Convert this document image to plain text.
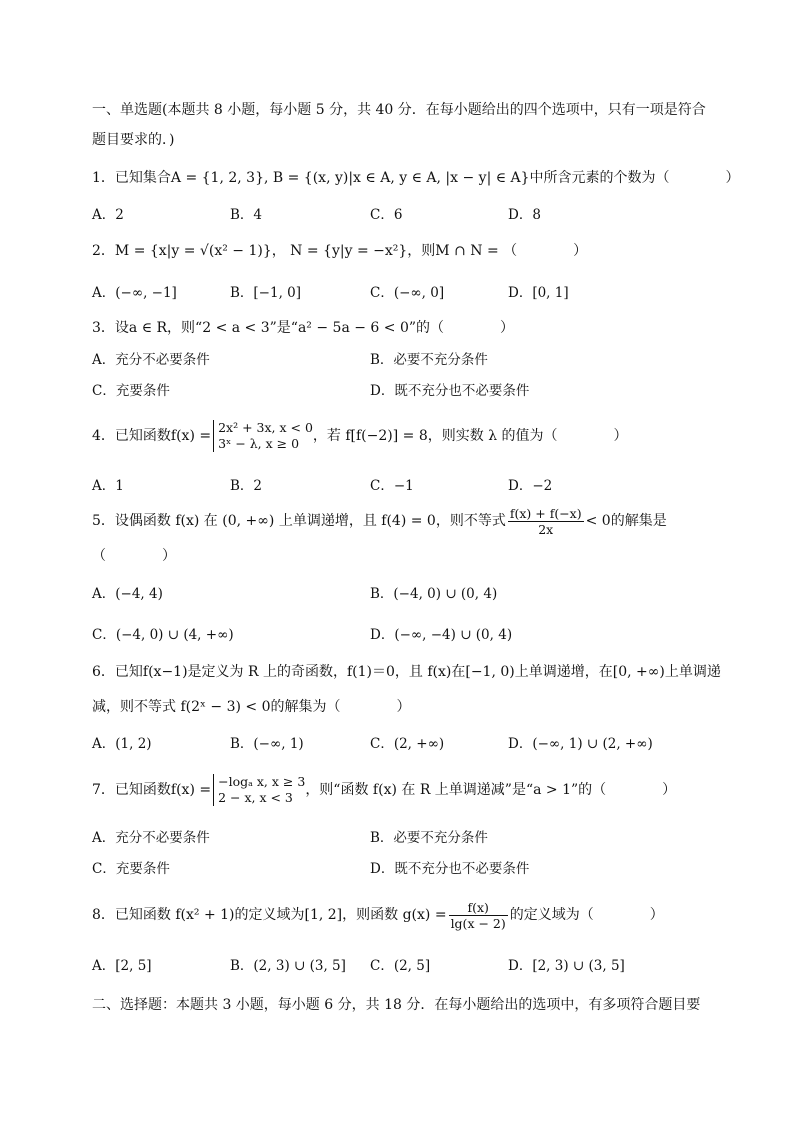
一、单选题(本题共 8 小题，每小题 5 分，共 40 分．在每小题给出的四个选项中，只有一项是符合
题目要求的．)
1．已知集合A = {1, 2, 3}, B = {(x, y)|x ∈ A, y ∈ A, |x − y| ∈ A}中所含元素的个数为（　　　　）
A．2	B．4	C．6	D．8
2．M = {x|y = √(x² − 1)}， N = {y|y = −x²}，则M ∩ N = （　　　　）
A．(−∞, −1]	B．[−1, 0]	C．(−∞, 0]	D．[0, 1]
3．设a ∈ R，则“2 < a < 3”是“a² − 5a − 6 < 0”的（　　　　）
A．充分不必要条件	B．必要不充分条件
C．充要条件	D．既不充分也不必要条件
4．已知函数f(x) =
2x² + 3x, x < 0
3ˣ − λ, x ≥ 0 ，若 f[f(−2)] = 8，则实数 λ 的值为（　　　　）
A．1	B．2	C．−1	D．−2
5．设偶函数 f(x) 在 (0, +∞) 上单调递增，且 f(4) = 0，则不等式 $\frac{f(x) + f(-x)}{2x} < 0$的解集是
（　　　　）
A．(−4, 4)	B．(−4, 0) ∪ (0, 4)
C．(−4, 0) ∪ (4, +∞)	D．(−∞, −4) ∪ (0, 4)
6．已知f(x−1)是定义为 R 上的奇函数，f(1)＝0，且 f(x)在[−1, 0)上单调递增，在[0, +∞)上单调递
减，则不等式 f(2ˣ − 3) < 0的解集为（　　　　）
A．(1, 2)	B．(−∞, 1)	C．(2, +∞)	D．(−∞, 1) ∪ (2, +∞)
7．已知函数f(x) =
−logₐ x, x ≥ 3
2 − x, x < 3 ，则“函数 f(x) 在 R 上单调递减”是“a > 1”的（　　　　）
A．充分不必要条件	B．必要不充分条件
C．充要条件	D．既不充分也不必要条件
8．已知函数 f(x² + 1)的定义域为[1, 2]，则函数 $g(x) = \frac{f(x)}{\lg(x - 2)}$ 的定义域为（　　　　）
A．[2, 5]	B．(2, 3) ∪ (3, 5] C．(2, 5]	D．[2, 3) ∪ (3, 5]
二、选择题：本题共 3 小题，每小题 6 分，共 18 分．在每小题给出的选项中，有多项符合题目要
